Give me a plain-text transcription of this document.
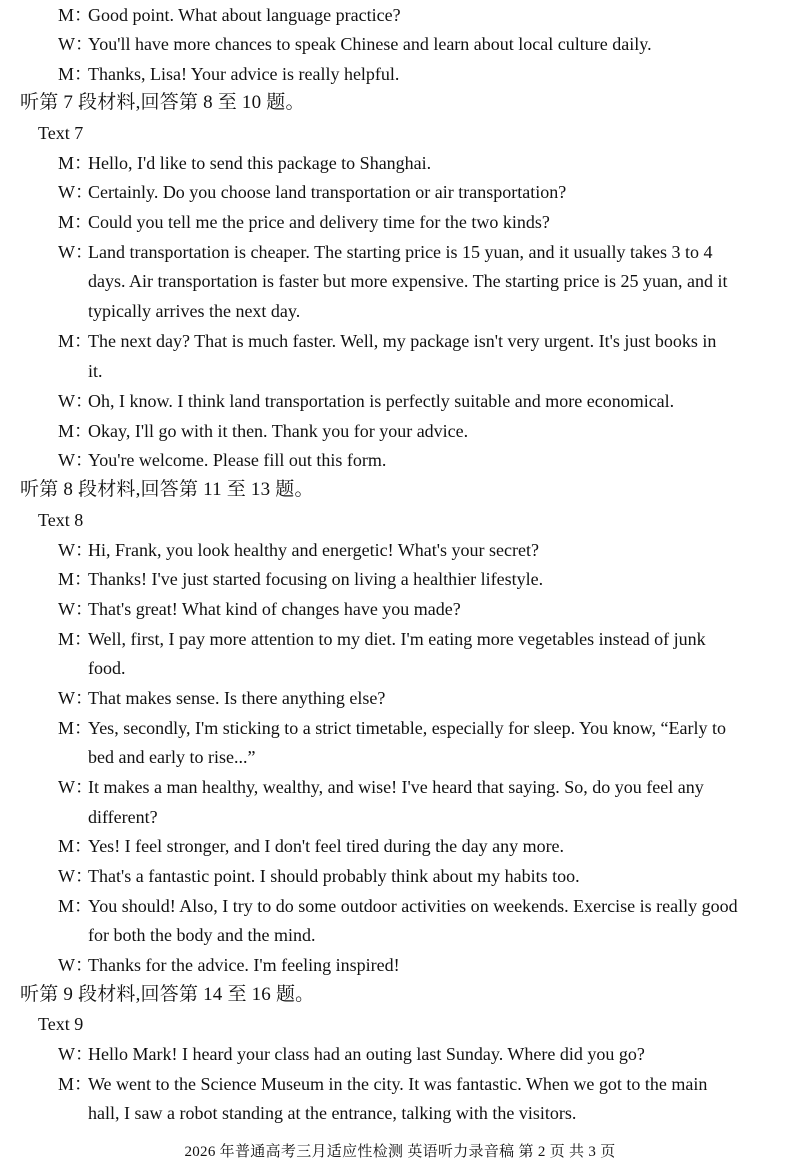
M：Good point. What about language practice?
W：You'll have more chances to speak Chinese and learn about local culture daily.
M：Thanks, Lisa! Your advice is really helpful.
听第 7 段材料,回答第 8 至 10 题。
Text 7
M：Hello, I'd like to send this package to Shanghai.
W：Certainly. Do you choose land transportation or air transportation?
M：Could you tell me the price and delivery time for the two kinds?
W：Land transportation is cheaper. The starting price is 15 yuan, and it usually takes 3 to 4
days. Air transportation is faster but more expensive. The starting price is 25 yuan, and it
typically arrives the next day.
M：The next day? That is much faster. Well, my package isn't very urgent. It's just books in
it.
W：Oh, I know. I think land transportation is perfectly suitable and more economical.
M：Okay, I'll go with it then. Thank you for your advice.
W：You're welcome. Please fill out this form.
听第 8 段材料,回答第 11 至 13 题。
Text 8
W：Hi, Frank, you look healthy and energetic! What's your secret?
M：Thanks! I've just started focusing on living a healthier lifestyle.
W：That's great! What kind of changes have you made?
M：Well, first, I pay more attention to my diet. I'm eating more vegetables instead of junk
food.
W：That makes sense. Is there anything else?
M：Yes, secondly, I'm sticking to a strict timetable, especially for sleep. You know, “Early to
bed and early to rise...”
W：It makes a man healthy, wealthy, and wise! I've heard that saying. So, do you feel any
different?
M：Yes! I feel stronger, and I don't feel tired during the day any more.
W：That's a fantastic point. I should probably think about my habits too.
M：You should! Also, I try to do some outdoor activities on weekends. Exercise is really good
for both the body and the mind.
W：Thanks for the advice. I'm feeling inspired!
听第 9 段材料,回答第 14 至 16 题。
Text 9
W：Hello Mark! I heard your class had an outing last Sunday. Where did you go?
M：We went to the Science Museum in the city. It was fantastic. When we got to the main
hall, I saw a robot standing at the entrance, talking with the visitors.
2026 年普通高考三月适应性检测 英语听力录音稿 第 2 页 共 3 页
